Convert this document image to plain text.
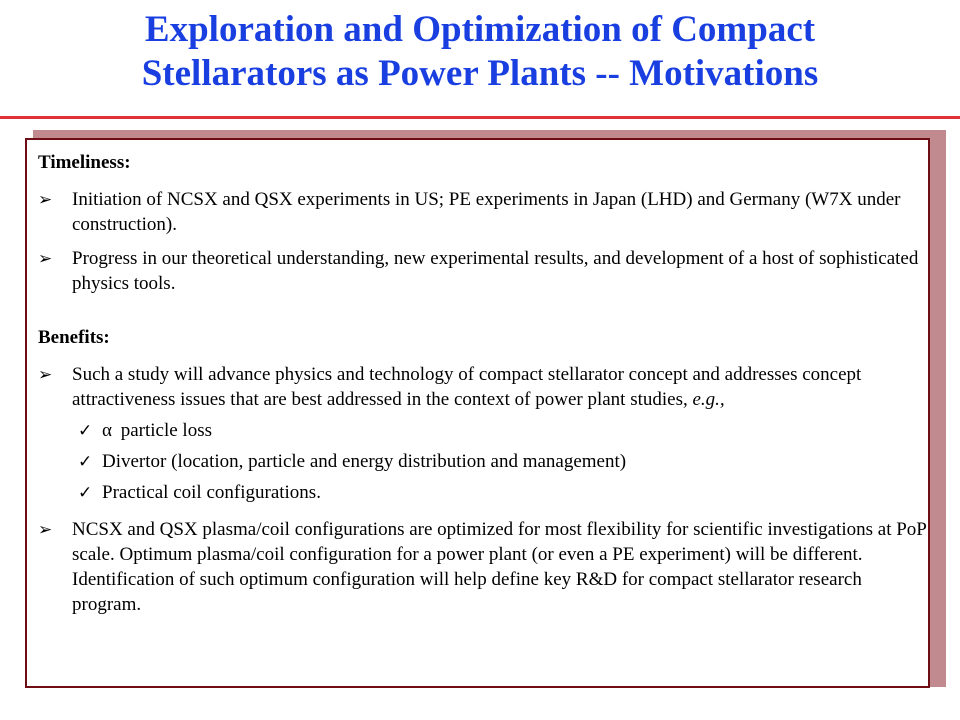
Exploration and Optimization of Compact
Stellarators as Power Plants -- Motivations
Timeliness:
➢ Initiation of NCSX and QSX experiments in US; PE experiments in Japan (LHD) and Germany (W7X under construction).
➢ Progress in our theoretical understanding, new experimental results, and development of a host of sophisticated physics tools.
Benefits:
➢ Such a study will advance physics and technology of compact stellarator concept and addresses concept attractiveness issues that are best addressed in the context of power plant studies, e.g.,
✓ α particle loss
✓ Divertor (location, particle and energy distribution and management)
✓ Practical coil configurations.
➢ NCSX and QSX plasma/coil configurations are optimized for most flexibility for scientific investigations at PoP scale. Optimum plasma/coil configuration for a power plant (or even a PE experiment) will be different. Identification of such optimum configuration will help define key R&D for compact stellarator research program.
